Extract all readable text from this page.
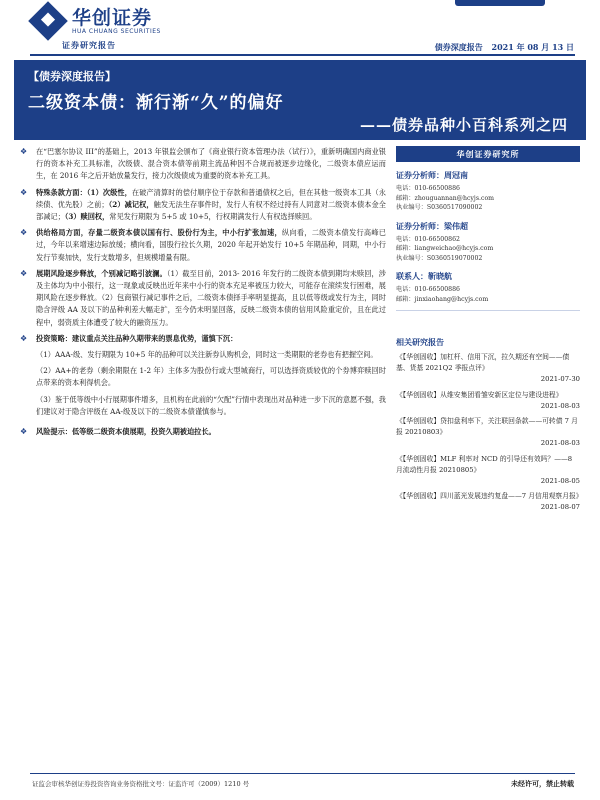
华创证券
HUA CHUANG SECURITIES
证券研究报告	债券深度报告 2021 年 08 月 13 日
【债券深度报告】
二级资本债：渐行渐“久”的偏好
——债券品种小百科系列之四
❖ 在“巴塞尔协议 III”的基础上，2013 年银监会颁布了《商业银行资本管理办法（试行）》，重新明确国内商业银行的资本补充工具标准，次级债、混合资本债等前期主流品种因不合规而被逐步边缘化，二级资本债应运而生，在 2016 年之后开始放量发行，接力次级债成为重要的资本补充工具。
❖ 特殊条款方面：（1）次级性，在破产清算时的偿付顺序位于存款和普通债权之后，但在其他一级资本工具（永续债、优先股）之前；（2）减记权，触发无法生存事件时，发行人有权不经过持有人同意对二级资本债本金全部减记；（3）赎回权，常见发行期限为 5+5 或 10+5，行权期满发行人有权选择赎回。
❖ 供给格局方面，存量二级资本债以国有行、股份行为主，中小行扩张加速，纵向看，二级资本债发行高峰已过，今年以来增速边际放缓；横向看，国股行拉长久期，2020 年起开始发行 10+5 年期品种，同期，中小行发行节奏加快，发行支数增多，但规模增量有限。
❖ 展期风险逐步释放，个别减记略引波澜。（1）截至目前，2013- 2016 年发行的二级资本债到期均未赎回，涉及主体均为中小银行，这一现象或反映出近年来中小行的资本充足率被压力较大，可能存在滚续发行困难，展期风险在逐步释放。（2）包商银行减记事件之后，二级资本债择手率明显提高，且以低等级或发行为主，同时隐含评级 AA 及以下的品种利差大幅走扩，至今仍未明显回落，反映二级资本债的信用风险重定价，且在此过程中，弱资质主体遭受了较大的融资压力。
❖ 投资策略：建议重点关注品种久期带来的票息优势，谨慎下沉：
（1）AAA-级、发行期限为 10+5 年的品种可以关注新券认购机会，同时这一类期限的老券也有把握空间。
（2）AA+的老券（剩余期限在 1-2 年）主体多为股份行或大型城商行，可以选择资质较优的个券博弈赎回时点带来的资本利得机会。
（3）鉴于低等级中小行展期事件增多，且机构在此前的“欠配”行情中表现出对品种进一步下沉的意愿不强，我们建议对于隐含评级在 AA-级及以下的二级资本债谨慎参与。
❖ 风险提示：低等级二级资本债展期，投资久期被迫拉长。
华创证券研究所
证券分析师：周冠南
电话：010-66500886
邮箱：zhouguannan@hcyjs.com
执业编号：S0360517090002
证券分析师：梁伟超
电话：010-66500862
邮箱：liangweichao@hcyjs.com
执业编号：S0360519070002
联系人：靳晓航
电话：010-66500886
邮箱：jinxiaohang@hcyjs.com
相关研究报告
《【华创固收】加杠杆、信用下沉，拉久期还有空间——债基、货基 2021Q2 季报点评》
2021-07-30
《【华创固收】从维安集团看雏安新区定位与建设进程》
2021-08-03
《【华创固收】贷扣盘利率下，关注联回条款——可转债 7 月报 20210803》
2021-08-03
《【华创固收】MLF 利率对 NCD 的引导还有效吗？——8 月流动性月报 20210805》
2021-08-05
《【华创固收】四川蓝光发展违约复盘——7 月信用观察月报》
2021-08-07
证监会审核华创证券投资咨询业务资格批文号：证监许可（2009）1210 号	未经许可，禁止转载
